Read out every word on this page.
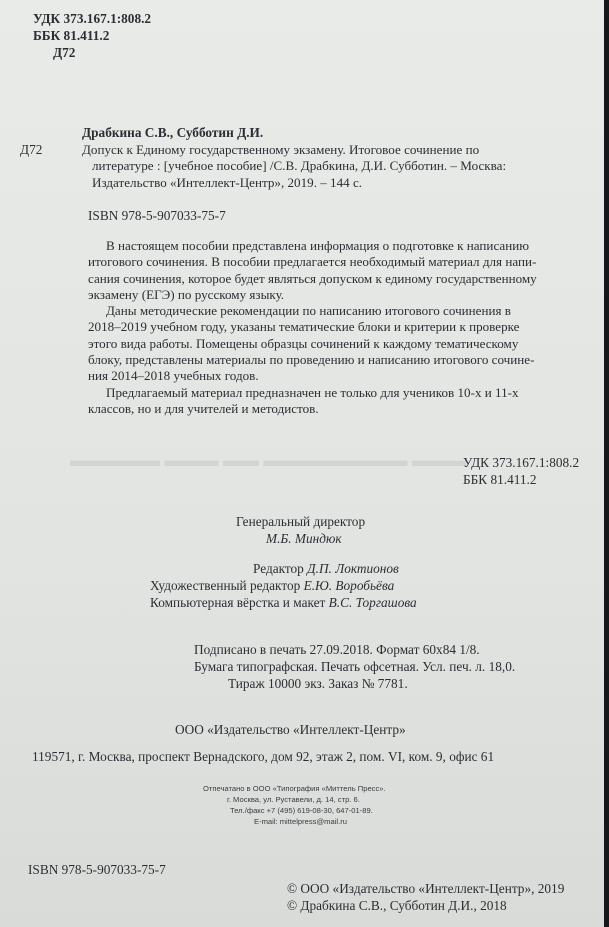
▬▬▬▬▬ ▬▬▬ ▬▬ ▬▬▬▬▬▬▬▬ ▬▬▬
УДК 373.167.1:808.2
ББК 81.411.2
Д72
Д72
Драбкина С.В., Субботин Д.И.
Допуск к Единому государственному экзамену. Итоговое сочинение по
литературе : [учебное пособие] /С.В. Драбкина, Д.И. Субботин. – Москва:
Издательство «Интеллект-Центр», 2019. – 144 с.
ISBN 978-5-907033-75-7
В настоящем пособии представлена информация о подготовке к написанию
итогового сочинения. В пособии предлагается необходимый материал для напи-
сания сочинения, которое будет являться допуском к единому государственному
экзамену (ЕГЭ) по русскому языку.
Даны методические рекомендации по написанию итогового сочинения в
2018–2019 учебном году, указаны тематические блоки и критерии к проверке
этого вида работы. Помещены образцы сочинений к каждому тематическому
блоку, представлены материалы по проведению и написанию итогового сочине-
ния 2014–2018 учебных годов.
Предлагаемый материал предназначен не только для учеников 10-х и 11-х
классов, но и для учителей и методистов.
УДК 373.167.1:808.2
ББК 81.411.2
Генеральный директор
М.Б. Миндюк
Редактор Д.П. Локтионов
Художественный редактор Е.Ю. Воробьёва
Компьютерная вёрстка и макет В.С. Торгашова
Подписано в печать 27.09.2018. Формат 60х84 1/8.
Бумага типографская. Печать офсетная. Усл. печ. л. 18,0.
Тираж 10000 экз. Заказ № 7781.
ООО «Издательство «Интеллект-Центр»
119571, г. Москва, проспект Вернадского, дом 92, этаж 2, пом. VI, ком. 9, офис 61
Отпечатано в ООО «Типография «Миттель Пресс».
г. Москва, ул. Руставели, д. 14, стр. 6.
Тел./факс +7 (495) 619-08-30, 647-01-89.
E-mail: mittelpress@mail.ru
ISBN 978-5-907033-75-7
© ООО «Издательство «Интеллект-Центр», 2019
© Драбкина С.В., Субботин Д.И., 2018
